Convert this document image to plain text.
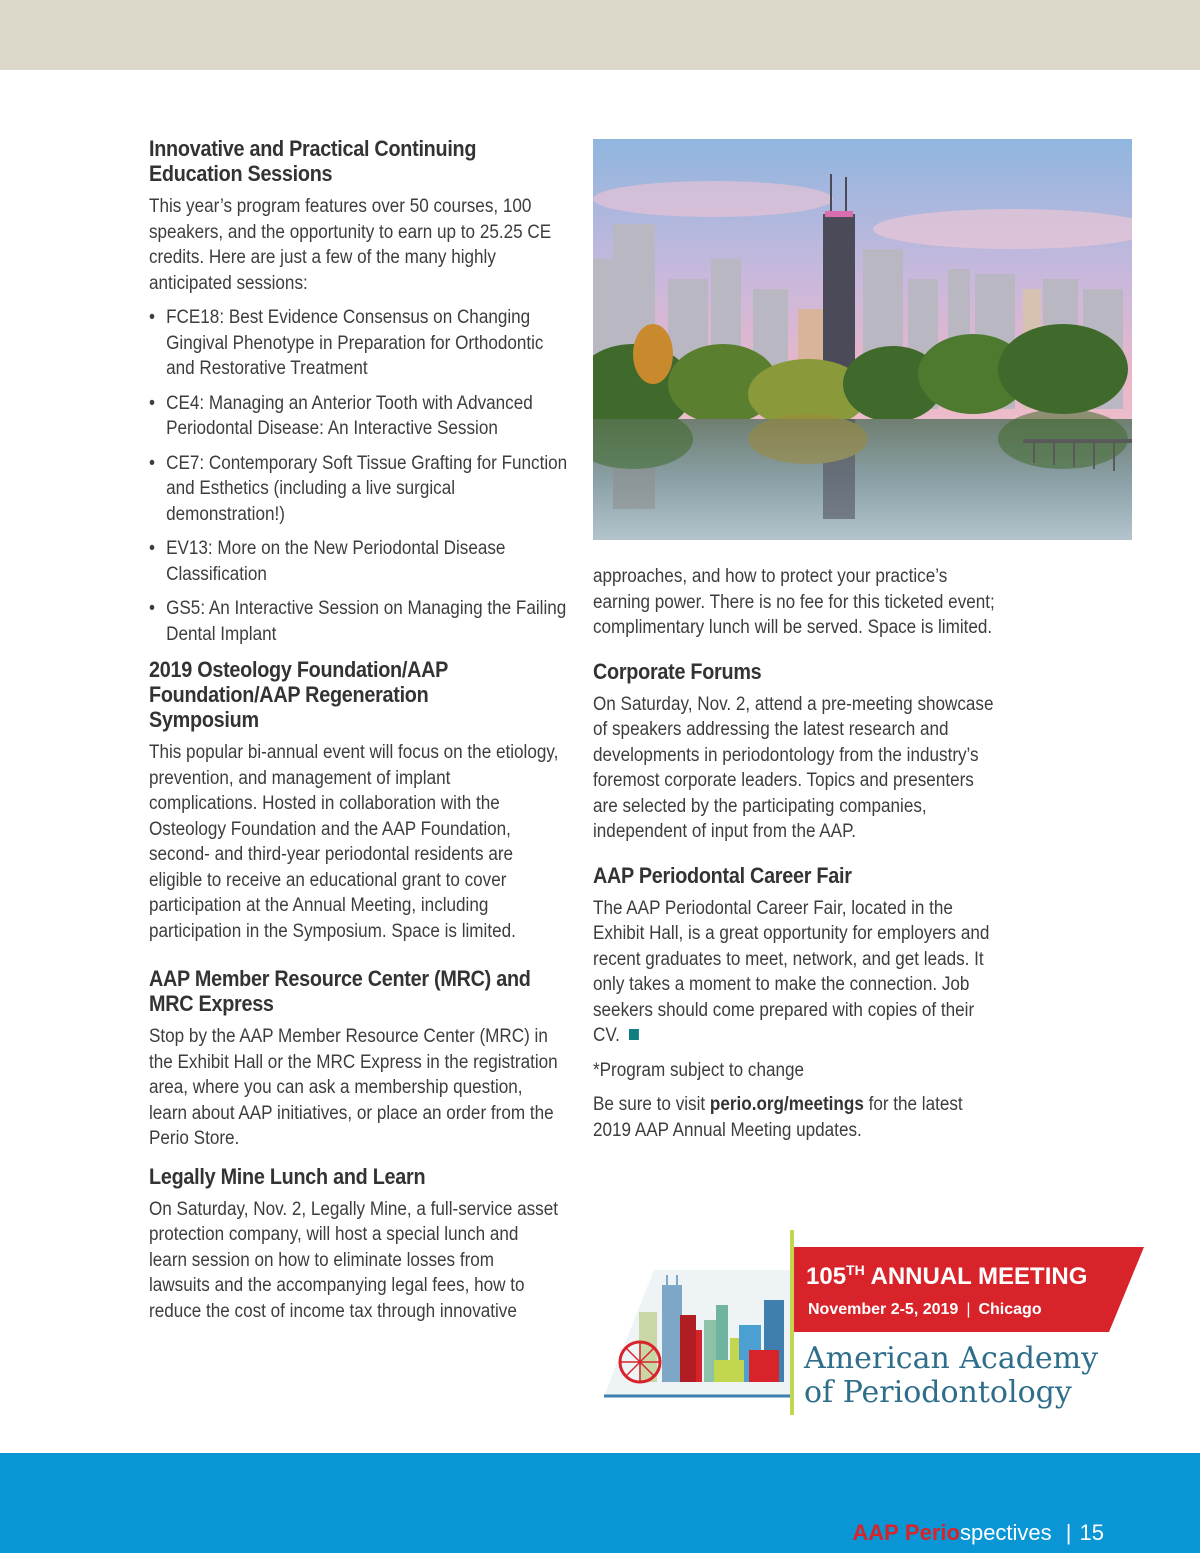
Innovative and Practical Continuing Education Sessions

This year’s program features over 50 courses, 100 speakers, and the opportunity to earn up to 25.25 CE credits. Here are just a few of the many highly anticipated sessions:

• FCE18: Best Evidence Consensus on Changing Gingival Phenotype in Preparation for Orthodontic and Restorative Treatment
• CE4: Managing an Anterior Tooth with Advanced Periodontal Disease: An Interactive Session
• CE7: Contemporary Soft Tissue Grafting for Function and Esthetics (including a live surgical demonstration!)
• EV13: More on the New Periodontal Disease Classification
• GS5: An Interactive Session on Managing the Failing Dental Implant
2019 Osteology Foundation/AAP Foundation/AAP Regeneration Symposium

This popular bi-annual event will focus on the etiology, prevention, and management of implant complications. Hosted in collaboration with the Osteology Foundation and the AAP Foundation, second- and third-year periodontal residents are eligible to receive an educational grant to cover participation at the Annual Meeting, including participation in the Symposium. Space is limited.

AAP Member Resource Center (MRC) and MRC Express

Stop by the AAP Member Resource Center (MRC) in the Exhibit Hall or the MRC Express in the registration area, where you can ask a membership question, learn about AAP initiatives, or place an order from the Perio Store.

Legally Mine Lunch and Learn

On Saturday, Nov. 2, Legally Mine, a full-service asset protection company, will host a special lunch and learn session on how to eliminate losses from lawsuits and the accompanying legal fees, how to reduce the cost of income tax through innovative

approaches, and how to protect your practice’s earning power. There is no fee for this ticketed event; complimentary lunch will be served. Space is limited.

Corporate Forums

On Saturday, Nov. 2, attend a pre-meeting showcase of speakers addressing the latest research and developments in periodontology from the industry’s foremost corporate leaders. Topics and presenters are selected by the participating companies, independent of input from the AAP.

AAP Periodontal Career Fair

The AAP Periodontal Career Fair, located in the Exhibit Hall, is a great opportunity for employers and recent graduates to meet, network, and get leads. It only takes a moment to make the connection. Job seekers should come prepared with copies of their CV.

*Program subject to change

Be sure to visit perio.org/meetings for the latest 2019 AAP Annual Meeting updates.

105TH ANNUAL MEETING
November 2-5, 2019 | Chicago
American Academy
of Periodontology
AAP Periospectives | 15
